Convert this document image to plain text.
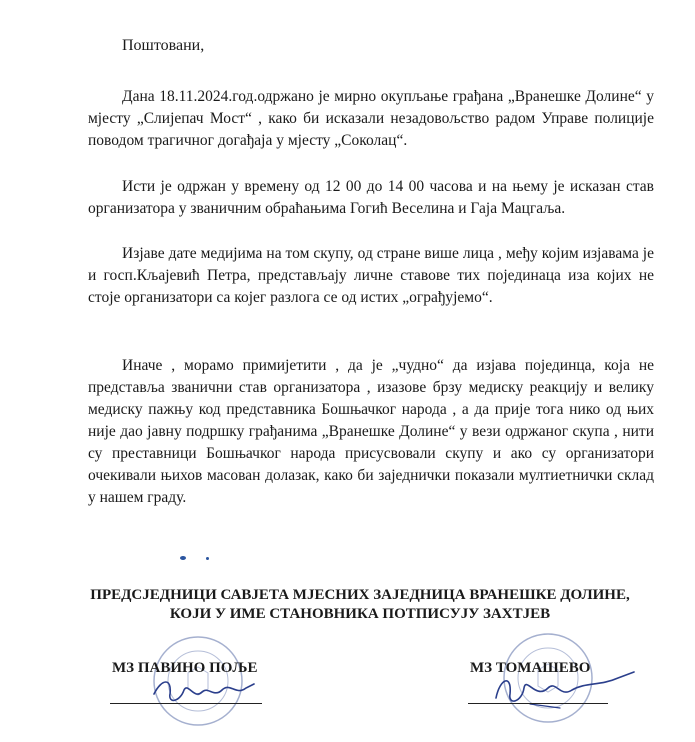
Поштовани,

Дана 18.11.2024.год.одржано је мирно окупљање грађана „Вранешке Долине“ у мјесту „Слијепач Мост“ , како би исказали незадовољство радом Управе полиције поводом трагичног догађаја у мјесту „Соколац“.

Исти је одржан у времену од 12 00 до 14 00 часова и на њему је исказан став организатора у званичним обраћањима Гогић Веселина и Гаја Мацгаља.

Изјаве дате медијима на том скупу, од стране више лица , међу којим изјавама је и госп.Кљајевић Петра, представљају личне ставове тих појединаца иза којих не стоје организатори са којег разлога се од истих „ограђујемо“.

Иначе , морамо примијетити , да је „чудно“ да изјава појединца, која не представља званични став организатора , изазове брзу медиску реакцију и велику медиску пажњу код представника Бошњачког народа , а да прије тога нико од њих није дао јавну подршку грађанима „Вранешке Долине“ у вези одржаног скупа , нити су преставници Бошњачког народа присусвовали скупу и ако су организатори очекивали њихов масован долазак, како би заједнички показали мултиетнички склад у нашем граду.

ПРЕДСЈЕДНИЦИ САВЈЕТА МЈЕСНИХ ЗАЈЕДНИЦА ВРАНЕШКЕ ДОЛИНЕ,

КОЈИ У ИМЕ СТАНОВНИКА ПОТПИСУЈУ ЗАХТЈЕВ

МЗ ПАВИНО ПОЉЕ	МЗ ТОМАШЕВО
